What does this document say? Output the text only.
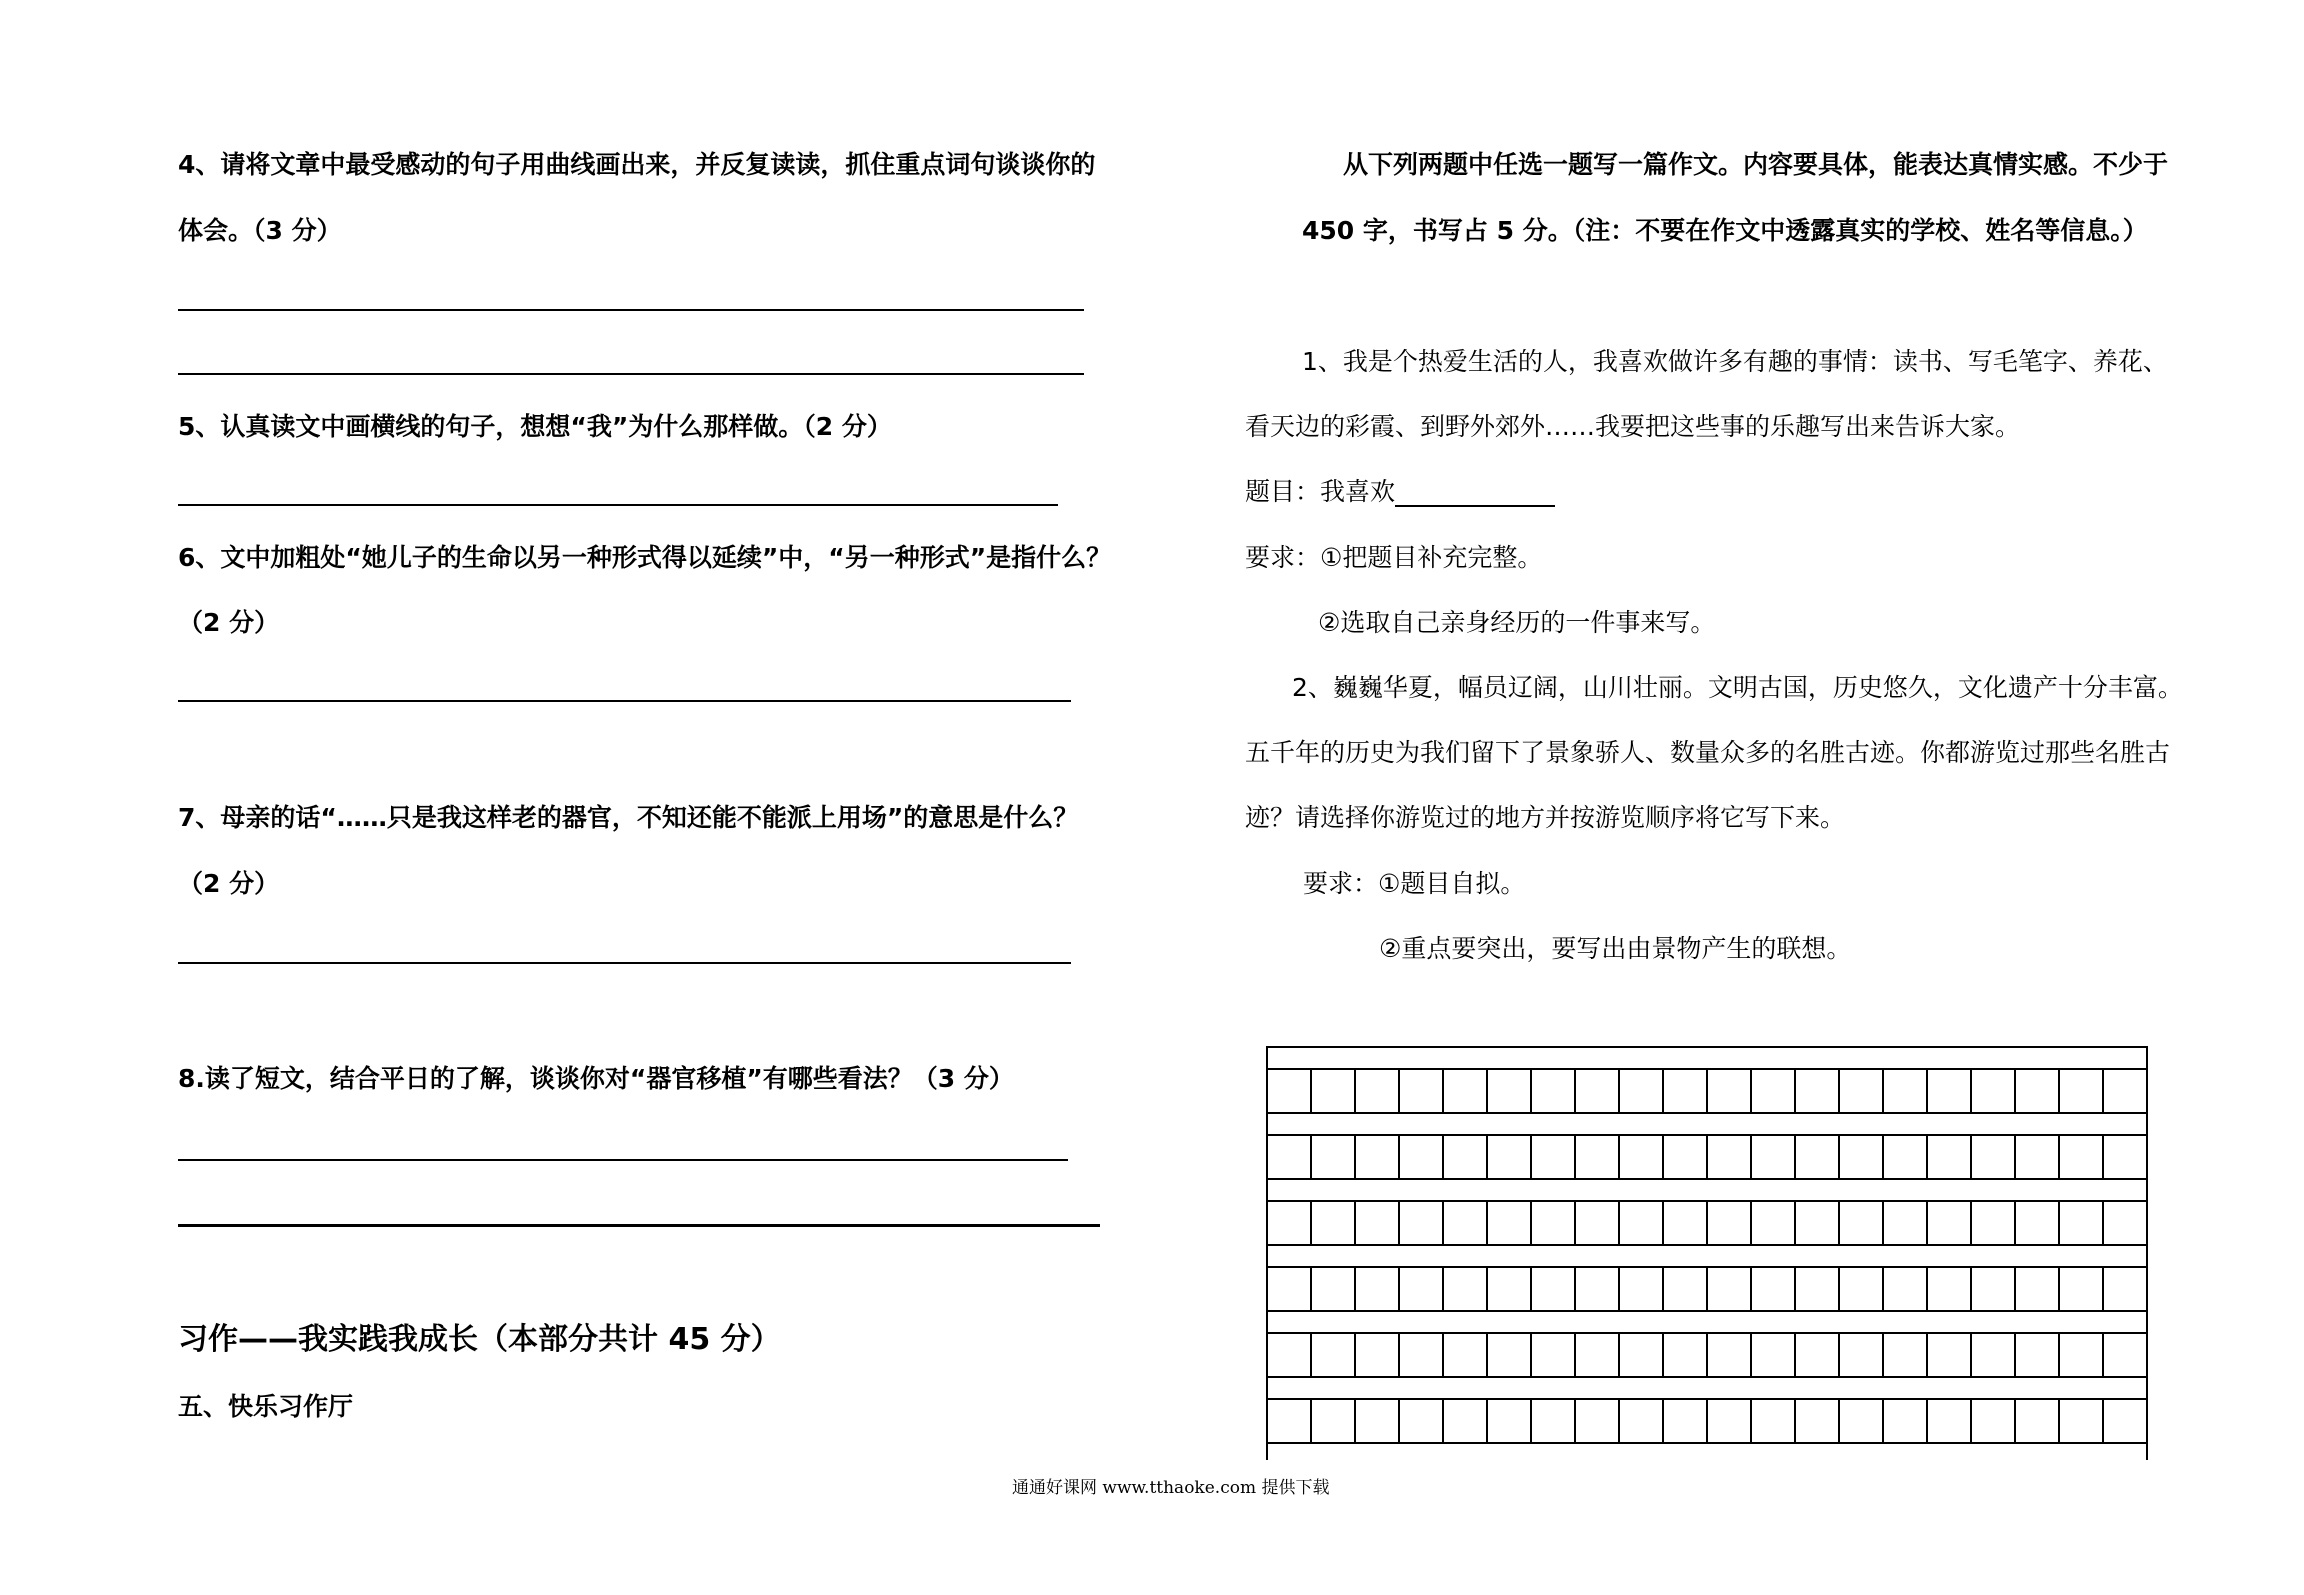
4、请将文章中最受感动的句子用曲线画出来，并反复读读，抓住重点词句谈谈你的
体会。（3 分）
5、认真读文中画横线的句子，想想“我”为什么那样做。（2 分）
6、文中加粗处“她儿子的生命以另一种形式得以延续”中，“另一种形式”是指什么？
（2 分）
7、母亲的话“……只是我这样老的器官，不知还能不能派上用场”的意思是什么？
（2 分）
8.读了短文，结合平日的了解，谈谈你对“器官移植”有哪些看法？（3 分）
习作——我实践我成长（本部分共计 45 分）
五、快乐习作厅
从下列两题中任选一题写一篇作文。内容要具体，能表达真情实感。不少于
450 字，书写占 5 分。（注：不要在作文中透露真实的学校、姓名等信息。）
1、我是个热爱生活的人，我喜欢做许多有趣的事情：读书、写毛笔字、养花、
看天边的彩霞、到野外郊外……我要把这些事的乐趣写出来告诉大家。
题目：我喜欢
要求：①把题目补充完整。
②选取自己亲身经历的一件事来写。
2、巍巍华夏，幅员辽阔，山川壮丽。文明古国，历史悠久，文化遗产十分丰富。
五千年的历史为我们留下了景象骄人、数量众多的名胜古迹。你都游览过那些名胜古
迹？请选择你游览过的地方并按游览顺序将它写下来。
要求：①题目自拟。
②重点要突出，要写出由景物产生的联想。
通通好课网 www.tthaoke.com 提供下载
